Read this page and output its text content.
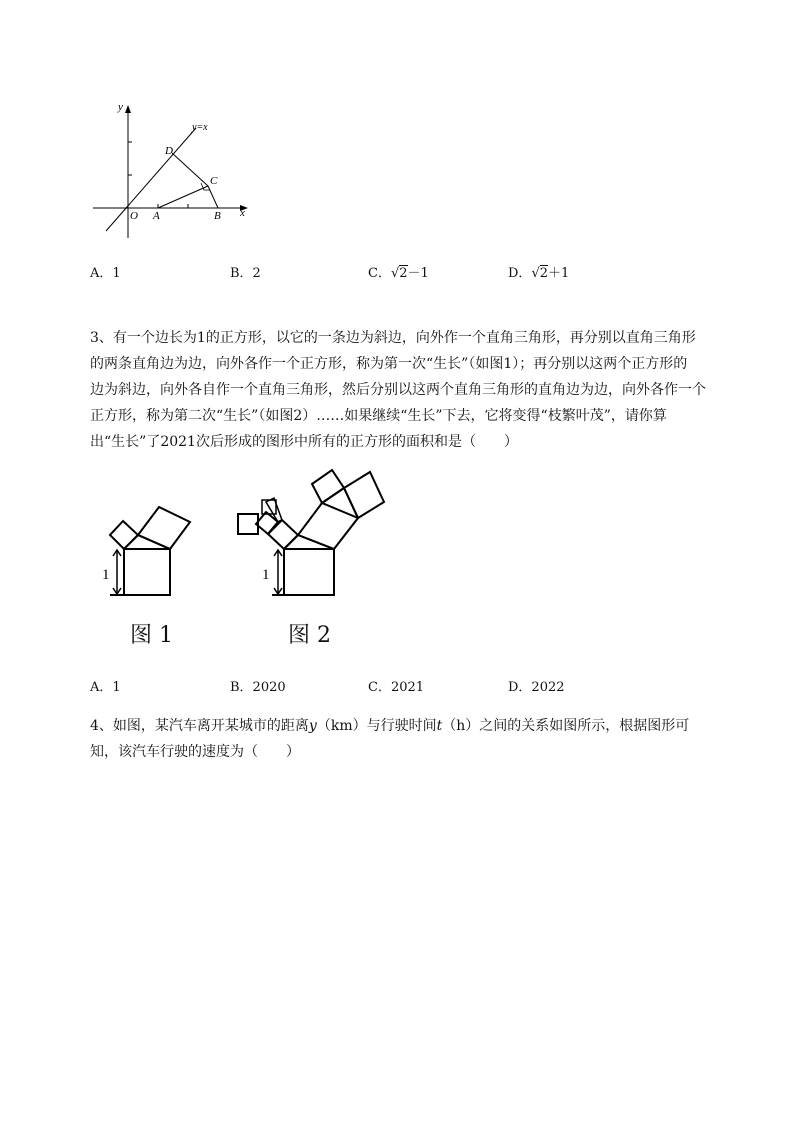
y
x
y=x
D
C
O A	B
A．1	B．2	C．√2－1	D．√2＋1
3、有一个边长为1的正方形，以它的一条边为斜边，向外作一个直角三角形，再分别以直角三角形
的两条直角边为边，向外各作一个正方形，称为第一次“生长”（如图1）；再分别以这两个正方形的
边为斜边，向外各自作一个直角三角形，然后分别以这两个直角三角形的直角边为边，向外各作一个
正方形，称为第二次“生长”（如图2）……如果继续“生长”下去，它将变得“枝繁叶茂”，请你算
出“生长”了2021次后形成的图形中所有的正方形的面积和是（　　）
1	1
图 1	图 2
A．1	B．2020	C．2021	D．2022
4、如图，某汽车离开某城市的距离y（km）与行驶时间t（h）之间的关系如图所示，根据图形可
知，该汽车行驶的速度为（　　）
